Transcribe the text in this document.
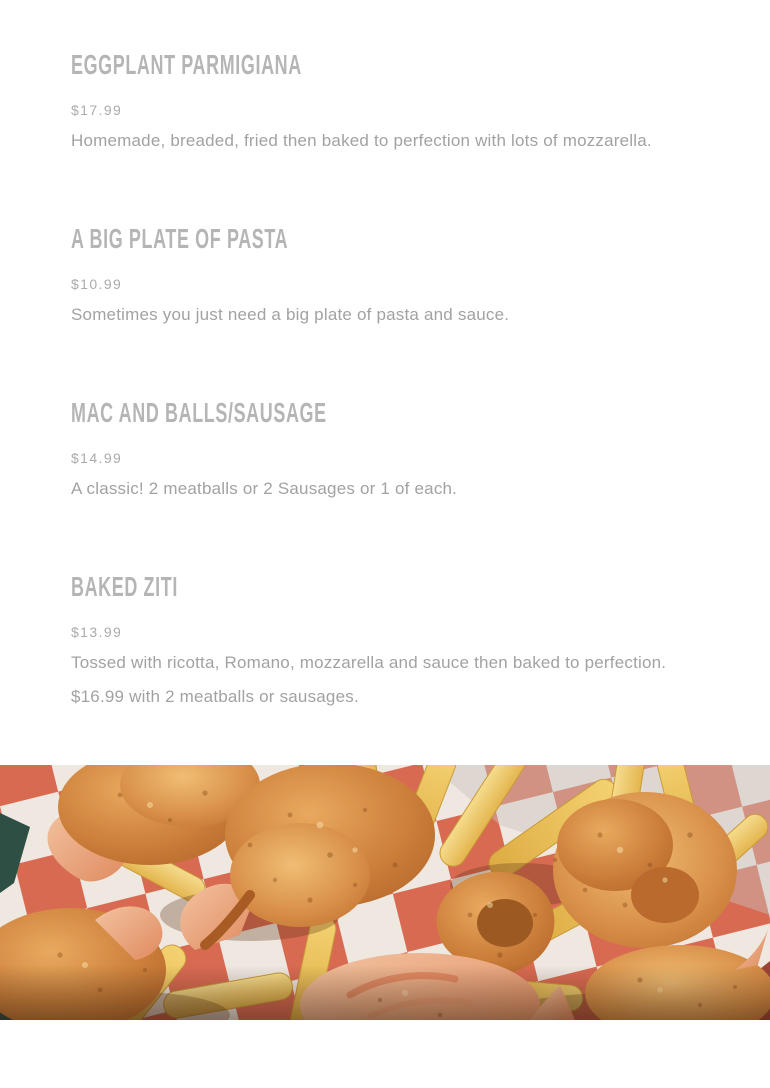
EGGPLANT PARMIGIANA

$17.99

Homemade, breaded, fried then baked to perfection with lots of mozzarella.

A BIG PLATE OF PASTA

$10.99

Sometimes you just need a big plate of pasta and sauce.

MAC AND BALLS/SAUSAGE

$14.99

A classic! 2 meatballs or 2 Sausages or 1 of each.

BAKED ZITI

$13.99

Tossed with ricotta, Romano, mozzarella and sauce then baked to perfection. $16.99 with 2 meatballs or sausages.
